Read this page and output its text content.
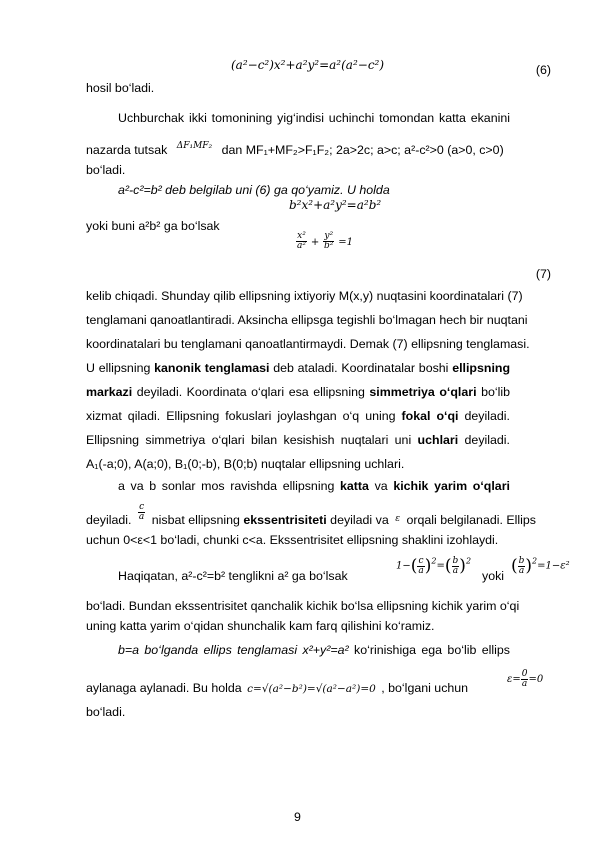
(a²−c²)x²+a²y²=a²(a²−c²)	(6)
hosil bo‘ladi.
Uchburchak ikki tomonining yig‘indisi uchinchi tomondan katta ekanini
nazarda tutsak $^{\Delta F_1MF_2}$ dan MF₁+MF₂>F₁F₂; 2a>2c; a>c; a²-c²>0 (a>0, c>0)
bo‘ladi.
a²-c²=b² deb belgilab uni (6) ga qo‘yamiz. U holda
b²x²+a²y²=a²b²
yoki buni a²b² ga bo‘lsak
$\frac{\text{x²}}{\text{a²}} + \frac{\text{y²}}{\text{b²}} =1$
(7)
kelib chiqadi. Shunday qilib ellipsning ixtiyoriy M(x,y) nuqtasini koordinatalari (7)
tenglamani qanoatlantiradi. Aksincha ellipsga tegishli bo‘lmagan hech bir nuqtani
koordinatalari bu tenglamani qanoatlantirmaydi. Demak (7) ellipsning tenglamasi.
U ellipsning kanonik tenglamasi deb ataladi. Koordinatalar boshi ellipsning
markazi deyiladi. Koordinata o‘qlari esa ellipsning simmetriya o‘qlari bo‘lib
xizmat qiladi. Ellipsning fokuslari joylashgan o‘q uning fokal o‘qi deyiladi.
Ellipsning simmetriya o‘qlari bilan kesishish nuqtalari uni uchlari deyiladi.
A₁(-a;0), A(a;0), B₁(0;-b), B(0;b) nuqtalar ellipsning uchlari.
a va b sonlar mos ravishda ellipsning katta va kichik yarim o‘qlari
deyiladi. $\frac{c}{a}$ nisbat ellipsning ekssentrisiteti deyiladi va $^\varepsilon$ orqali belgilanadi. Ellips
uchun 0<ε<1 bo‘ladi, chunki c<a. Ekssentrisitet ellipsning shaklini izohlaydi.
Haqiqatan, a²-c²=b² tenglikni a² ga bo‘lsak
$1-( \frac{c}{a} )^2=( \frac{b}{a} )^2$
yoki ( $\frac{b}{a} )^2=1-\varepsilon^2$
bo‘ladi. Bundan ekssentrisitet qanchalik kichik bo‘lsa ellipsning kichik yarim o‘qi
uning katta yarim o‘qidan shunchalik kam farq qilishini ko‘ramiz.
b=a bo‘lganda ellips tenglamasi x²+y²=a² ko‘rinishiga ega bo‘lib ellips
aylanaga aylanadi. Bu holda c=√(a²−b²)=√(a²−a²)=0 , bo‘lgani uchun
$\varepsilon= \frac{0}{a} =0$
bo‘ladi.
9
